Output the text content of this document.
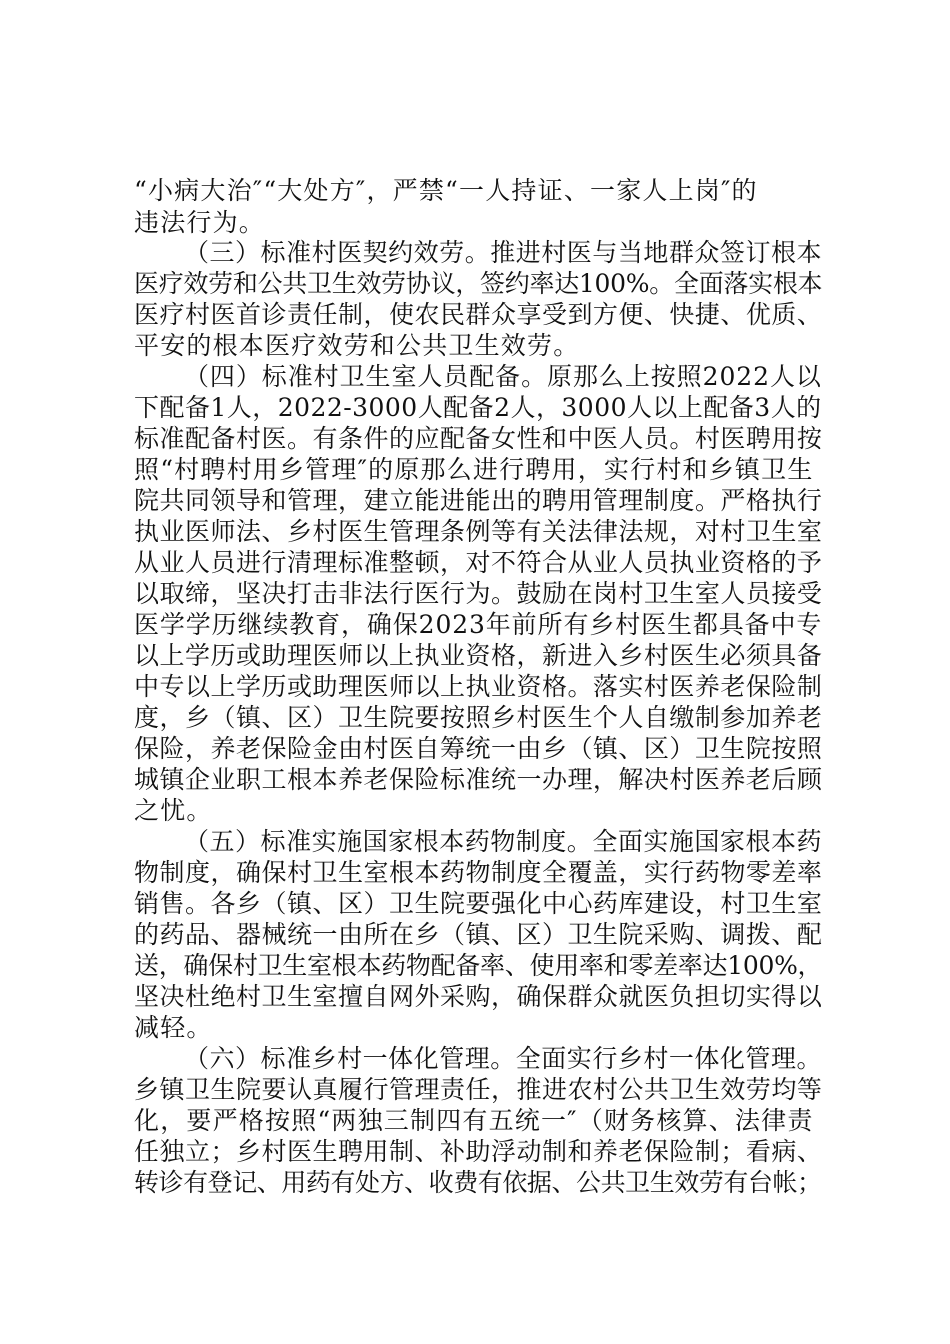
“小病大治″“大处方″，严禁“一人持证、一家人上岗″的
违法行为。
（三）标准村医契约效劳。推进村医与当地群众签订根本
医疗效劳和公共卫生效劳协议，签约率达100%。全面落实根本
医疗村医首诊责任制，使农民群众享受到方便、快捷、优质、
平安的根本医疗效劳和公共卫生效劳。
（四）标准村卫生室人员配备。原那么上按照2022人以
下配备1人，2022-3000人配备2人，3000人以上配备3人的
标准配备村医。有条件的应配备女性和中医人员。村医聘用按
照“村聘村用乡管理″的原那么进行聘用，实行村和乡镇卫生
院共同领导和管理，建立能进能出的聘用管理制度。严格执行
执业医师法、乡村医生管理条例等有关法律法规，对村卫生室
从业人员进行清理标准整顿，对不符合从业人员执业资格的予
以取缔，坚决打击非法行医行为。鼓励在岗村卫生室人员接受
医学学历继续教育，确保2023年前所有乡村医生都具备中专
以上学历或助理医师以上执业资格，新进入乡村医生必须具备
中专以上学历或助理医师以上执业资格。落实村医养老保险制
度，乡（镇、区）卫生院要按照乡村医生个人自缴制参加养老
保险，养老保险金由村医自筹统一由乡（镇、区）卫生院按照
城镇企业职工根本养老保险标准统一办理，解决村医养老后顾
之忧。
（五）标准实施国家根本药物制度。全面实施国家根本药
物制度，确保村卫生室根本药物制度全覆盖，实行药物零差率
销售。各乡（镇、区）卫生院要强化中心药库建设，村卫生室
的药品、器械统一由所在乡（镇、区）卫生院采购、调拨、配
送，确保村卫生室根本药物配备率、使用率和零差率达100%，
坚决杜绝村卫生室擅自网外采购，确保群众就医负担切实得以
减轻。
（六）标准乡村一体化管理。全面实行乡村一体化管理。
乡镇卫生院要认真履行管理责任，推进农村公共卫生效劳均等
化，要严格按照“两独三制四有五统一″（财务核算、法律责
任独立；乡村医生聘用制、补助浮动制和养老保险制；看病、
转诊有登记、用药有处方、收费有依据、公共卫生效劳有台帐；
